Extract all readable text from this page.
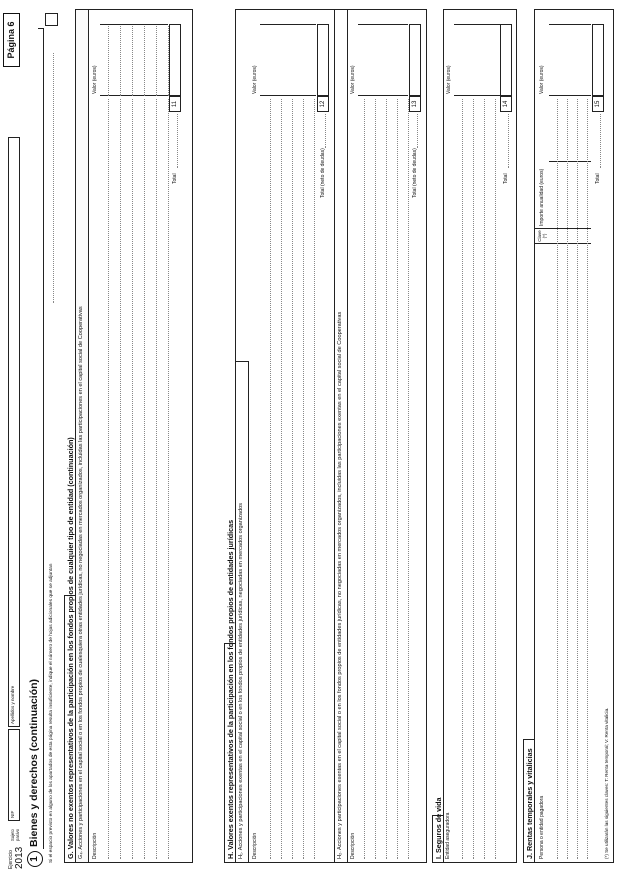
Ejercicio 2013
Sujeto pasivo
NIF
Apellidos y nombre
Página 6
1
Bienes y derechos (continuación) Si el espacio previsto en alguno de los apartados de esta página resulta insuficiente, indique el número de hojas adicionales que se adjuntan G. Valores no exentos representativos de la participación en los fondos propios de cualquier tipo de entidad (continuación) G₄. Acciones y participaciones en el capital social o en los fondos propios de cualesquiera otras entidades jurídicas, no negociadas en mercados organizados, incluidas las participaciones en el capital social de Cooperativas Descripción
Valor (euros)
Total
11
H. Valores exentos representativos de la participación en los fondos propios de entidades jurídicas H₁. Acciones y participaciones exentas en el capital social o en los fondos propios de entidades jurídicas, negociadas en mercados organizados Descripción
Valor (euros)
Total (neto de deudas)
12
H₂. Acciones y participaciones exentas en el capital social o en los fondos propios de entidades jurídicas, no negociadas en mercados organizados, incluidas las participaciones exentas en el capital social de Cooperativas Descripción
Valor (euros)
Total (neto de deudas)
13
I. Seguros de vida Entidad aseguradora
Valor (euros)
Total
14
J. Rentas temporales y vitalicias Persona o entidad pagadora
Clave (*)
Importe anualidad (euros)
Valor (euros)
Total
15
(*) Se utilizarán las siguientes claves: T: Renta temporal; V: Renta vitalicia.
